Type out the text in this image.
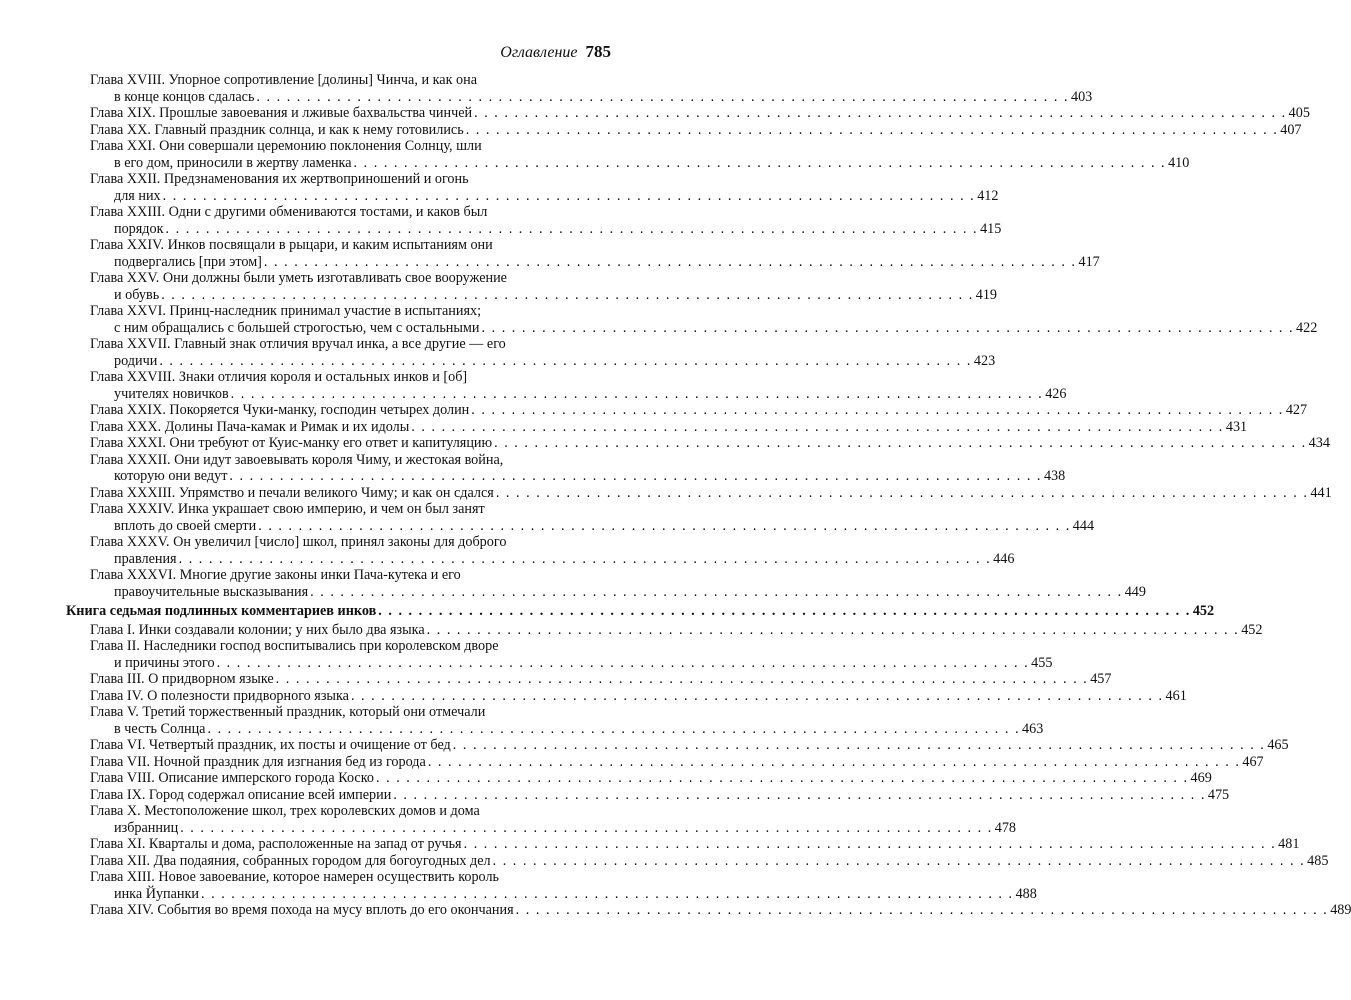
Оглавление 785
Глава XVIII. Упорное сопротивление [долины] Чинча, и как она
в конце концов сдалась . . . . . . . . . . . . . . . . . . . . . . . . . . . . . . . . . . . . . . . . . . . . . . . . . . . . . . . . . . . . . . . . . . . . . . . . . . . . . . . . . 403
Глава XIX. Прошлые завоевания и лживые бахвальства чинчей . . . . . . . . . . . . . . . . . . . . . . . . . . . . . . . . . . . . . . . . . . . . . . . . . . . . . . . . . . . . . . . . . . . . . . . . . . . . . . . . . 405
Глава XX. Главный праздник солнца, и как к нему готовились . . . . . . . . . . . . . . . . . . . . . . . . . . . . . . . . . . . . . . . . . . . . . . . . . . . . . . . . . . . . . . . . . . . . . . . . . . . . . . . . . 407
Глава XXI. Они совершали церемонию поклонения Солнцу, шли
в его дом, приносили в жертву ламенка . . . . . . . . . . . . . . . . . . . . . . . . . . . . . . . . . . . . . . . . . . . . . . . . . . . . . . . . . . . . . . . . . . . . . . . . . . . . . . . . . 410
Глава XXII. Предзнаменования их жертвоприношений и огонь
для них . . . . . . . . . . . . . . . . . . . . . . . . . . . . . . . . . . . . . . . . . . . . . . . . . . . . . . . . . . . . . . . . . . . . . . . . . . . . . . . . . 412
Глава XXIII. Одни с другими обмениваются тостами, и каков был
порядок . . . . . . . . . . . . . . . . . . . . . . . . . . . . . . . . . . . . . . . . . . . . . . . . . . . . . . . . . . . . . . . . . . . . . . . . . . . . . . . . . 415
Глава XXIV. Инков посвящали в рыцари, и каким испытаниям они
подвергались [при этом] . . . . . . . . . . . . . . . . . . . . . . . . . . . . . . . . . . . . . . . . . . . . . . . . . . . . . . . . . . . . . . . . . . . . . . . . . . . . . . . . . 417
Глава XXV. Они должны были уметь изготавливать свое вооружение
и обувь . . . . . . . . . . . . . . . . . . . . . . . . . . . . . . . . . . . . . . . . . . . . . . . . . . . . . . . . . . . . . . . . . . . . . . . . . . . . . . . . . 419
Глава XXVI. Принц-наследник принимал участие в испытаниях;
с ним обращались с большей строгостью, чем с остальными . . . . . . . . . . . . . . . . . . . . . . . . . . . . . . . . . . . . . . . . . . . . . . . . . . . . . . . . . . . . . . . . . . . . . . . . . . . . . . . . . 422
Глава XXVII. Главный знак отличия вручал инка, а все другие — его
родичи . . . . . . . . . . . . . . . . . . . . . . . . . . . . . . . . . . . . . . . . . . . . . . . . . . . . . . . . . . . . . . . . . . . . . . . . . . . . . . . . . 423
Глава XXVIII. Знаки отличия короля и остальных инков и [об]
учителях новичков . . . . . . . . . . . . . . . . . . . . . . . . . . . . . . . . . . . . . . . . . . . . . . . . . . . . . . . . . . . . . . . . . . . . . . . . . . . . . . . . . 426
Глава XXIX. Покоряется Чуки-манку, господин четырех долин . . . . . . . . . . . . . . . . . . . . . . . . . . . . . . . . . . . . . . . . . . . . . . . . . . . . . . . . . . . . . . . . . . . . . . . . . . . . . . . . . 427
Глава XXX. Долины Пача-камак и Римак и их идолы . . . . . . . . . . . . . . . . . . . . . . . . . . . . . . . . . . . . . . . . . . . . . . . . . . . . . . . . . . . . . . . . . . . . . . . . . . . . . . . . . 431
Глава XXXI. Они требуют от Куис-манку его ответ и капитуляцию . . . . . . . . . . . . . . . . . . . . . . . . . . . . . . . . . . . . . . . . . . . . . . . . . . . . . . . . . . . . . . . . . . . . . . . . . . . . . . . . . 434
Глава XXXII. Они идут завоевывать короля Чиму, и жестокая война,
которую они ведут . . . . . . . . . . . . . . . . . . . . . . . . . . . . . . . . . . . . . . . . . . . . . . . . . . . . . . . . . . . . . . . . . . . . . . . . . . . . . . . . . 438
Глава XXXIII. Упрямство и печали великого Чиму; и как он сдался . . . . . . . . . . . . . . . . . . . . . . . . . . . . . . . . . . . . . . . . . . . . . . . . . . . . . . . . . . . . . . . . . . . . . . . . . . . . . . . . . 441
Глава XXXIV. Инка украшает свою империю, и чем он был занят
вплоть до своей смерти . . . . . . . . . . . . . . . . . . . . . . . . . . . . . . . . . . . . . . . . . . . . . . . . . . . . . . . . . . . . . . . . . . . . . . . . . . . . . . . . . 444
Глава XXXV. Он увеличил [число] школ, принял законы для доброго
правления . . . . . . . . . . . . . . . . . . . . . . . . . . . . . . . . . . . . . . . . . . . . . . . . . . . . . . . . . . . . . . . . . . . . . . . . . . . . . . . . . 446
Глава XXXVI. Многие другие законы инки Пача-кутека и его
правоучительные высказывания . . . . . . . . . . . . . . . . . . . . . . . . . . . . . . . . . . . . . . . . . . . . . . . . . . . . . . . . . . . . . . . . . . . . . . . . . . . . . . . . . 449
Книга седьмая подлинных комментариев инков . . . . . . . . . . . . . . . . . . . . . . . . . . . . . . . . . . . . . . . . . . . . . . . . . . . . . . . . . . . . . . . . . . . . . . . . . . . . . . . . . 452
Глава I. Инки создавали колонии; у них было два языка . . . . . . . . . . . . . . . . . . . . . . . . . . . . . . . . . . . . . . . . . . . . . . . . . . . . . . . . . . . . . . . . . . . . . . . . . . . . . . . . . 452
Глава II. Наследники господ воспитывались при королевском дворе
и причины этого . . . . . . . . . . . . . . . . . . . . . . . . . . . . . . . . . . . . . . . . . . . . . . . . . . . . . . . . . . . . . . . . . . . . . . . . . . . . . . . . . 455
Глава III. О придворном языке . . . . . . . . . . . . . . . . . . . . . . . . . . . . . . . . . . . . . . . . . . . . . . . . . . . . . . . . . . . . . . . . . . . . . . . . . . . . . . . . . 457
Глава IV. О полезности придворного языка . . . . . . . . . . . . . . . . . . . . . . . . . . . . . . . . . . . . . . . . . . . . . . . . . . . . . . . . . . . . . . . . . . . . . . . . . . . . . . . . . 461
Глава V. Третий торжественный праздник, который они отмечали
в честь Солнца . . . . . . . . . . . . . . . . . . . . . . . . . . . . . . . . . . . . . . . . . . . . . . . . . . . . . . . . . . . . . . . . . . . . . . . . . . . . . . . . . 463
Глава VI. Четвертый праздник, их посты и очищение от бед . . . . . . . . . . . . . . . . . . . . . . . . . . . . . . . . . . . . . . . . . . . . . . . . . . . . . . . . . . . . . . . . . . . . . . . . . . . . . . . . . 465
Глава VII. Ночной праздник для изгнания бед из города . . . . . . . . . . . . . . . . . . . . . . . . . . . . . . . . . . . . . . . . . . . . . . . . . . . . . . . . . . . . . . . . . . . . . . . . . . . . . . . . . 467
Глава VIII. Описание имперского города Коско . . . . . . . . . . . . . . . . . . . . . . . . . . . . . . . . . . . . . . . . . . . . . . . . . . . . . . . . . . . . . . . . . . . . . . . . . . . . . . . . . 469
Глава IX. Город содержал описание всей империи . . . . . . . . . . . . . . . . . . . . . . . . . . . . . . . . . . . . . . . . . . . . . . . . . . . . . . . . . . . . . . . . . . . . . . . . . . . . . . . . . 475
Глава X. Местоположение школ, трех королевских домов и дома
избранниц . . . . . . . . . . . . . . . . . . . . . . . . . . . . . . . . . . . . . . . . . . . . . . . . . . . . . . . . . . . . . . . . . . . . . . . . . . . . . . . . . 478
Глава XI. Кварталы и дома, расположенные на запад от ручья . . . . . . . . . . . . . . . . . . . . . . . . . . . . . . . . . . . . . . . . . . . . . . . . . . . . . . . . . . . . . . . . . . . . . . . . . . . . . . . . . 481
Глава XII. Два подаяния, собранных городом для богоугодных дел . . . . . . . . . . . . . . . . . . . . . . . . . . . . . . . . . . . . . . . . . . . . . . . . . . . . . . . . . . . . . . . . . . . . . . . . . . . . . . . . . 485
Глава XIII. Новое завоевание, которое намерен осуществить король
инка Йупанки . . . . . . . . . . . . . . . . . . . . . . . . . . . . . . . . . . . . . . . . . . . . . . . . . . . . . . . . . . . . . . . . . . . . . . . . . . . . . . . . . 488
Глава XIV. События во время похода на мусу вплоть до его окончания . . . . . . . . . . . . . . . . . . . . . . . . . . . . . . . . . . . . . . . . . . . . . . . . . . . . . . . . . . . . . . . . . . . . . . . . . . . . . . . . . 489
